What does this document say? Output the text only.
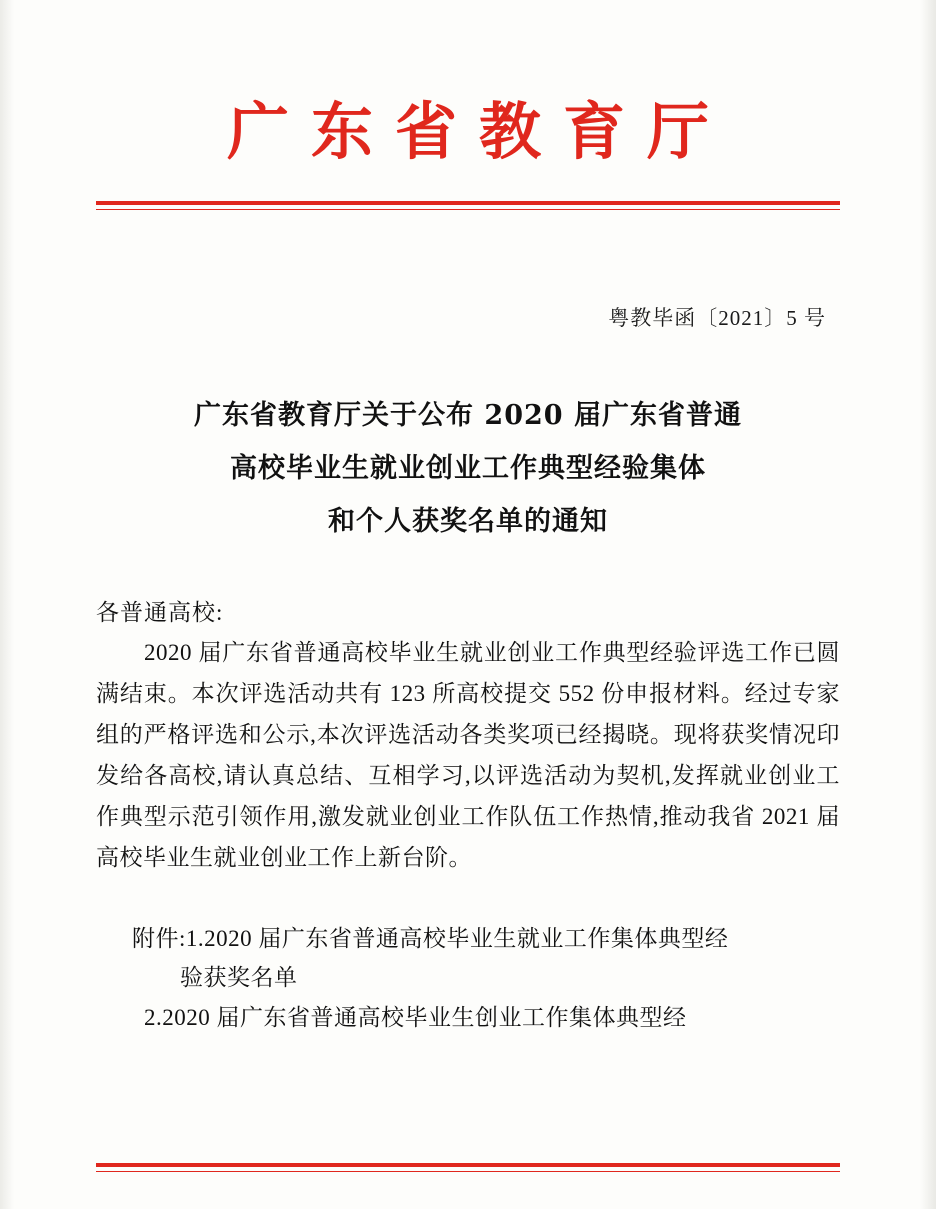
广东省教育厅
粤教毕函〔2021〕5 号
广东省教育厅关于公布 2020 届广东省普通
高校毕业生就业创业工作典型经验集体
和个人获奖名单的通知
各普通高校:
2020 届广东省普通高校毕业生就业创业工作典型经验评选工作已圆满结束。本次评选活动共有 123 所高校提交 552 份申报材料。经过专家组的严格评选和公示,本次评选活动各类奖项已经揭晓。现将获奖情况印发给各高校,请认真总结、互相学习,以评选活动为契机,发挥就业创业工作典型示范引领作用,激发就业创业工作队伍工作热情,推动我省 2021 届高校毕业生就业创业工作上新台阶。
附件:1.2020 届广东省普通高校毕业生就业工作集体典型经
验获奖名单
2.2020 届广东省普通高校毕业生创业工作集体典型经
